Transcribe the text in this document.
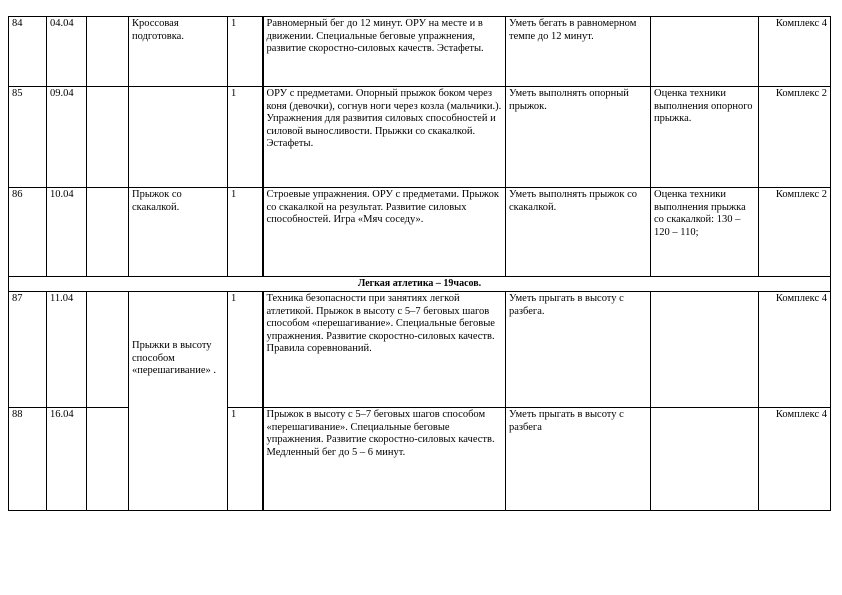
84	04.04		Кроссовая подготовка.	1	Равномерный бег до 12 минут. ОРУ на месте и в движении. Специальные беговые упражнения, развитие скоростно-силовых качеств. Эстафеты.	Уметь бегать в равномерном темпе до 12 минут.		Комплекс 4
85	09.04			1	ОРУ с предметами. Опорный прыжок боком через коня (девочки), согнув ноги через козла (мальчики.). Упражнения для развития силовых способностей и силовой выносливости. Прыжки со скакалкой. Эстафеты.	Уметь выполнять опорный прыжок.	Оценка техники выполнения опорного прыжка.	Комплекс 2
86	10.04		Прыжок со скакалкой.	1	Строевые упражнения. ОРУ с предметами. Прыжок со скакалкой на результат. Развитие силовых способностей. Игра «Мяч соседу».	Уметь выполнять прыжок со скакалкой.	Оценка техники выполнения прыжка со скакалкой: 130 – 120 – 110;	Комплекс 2
Легкая атлетика – 19часов.								
87	11.04		Прыжки в высоту способом «перешагивание» .	1	Техника безопасности при занятиях легкой атлетикой. Прыжок в высоту с 5–7 беговых шагов способом «перешагивание». Специальные беговые упражнения. Развитие скоростно-силовых качеств. Правила соревнований.	Уметь прыгать в высоту с разбега.		Комплекс 4
88	16.04			1	Прыжок в высоту с 5–7 беговых шагов способом «перешагивание». Специальные беговые упражнения. Развитие скоростно-силовых качеств. Медленный бег до 5 – 6 минут.	Уметь прыгать в высоту с разбега		Комплекс 4
